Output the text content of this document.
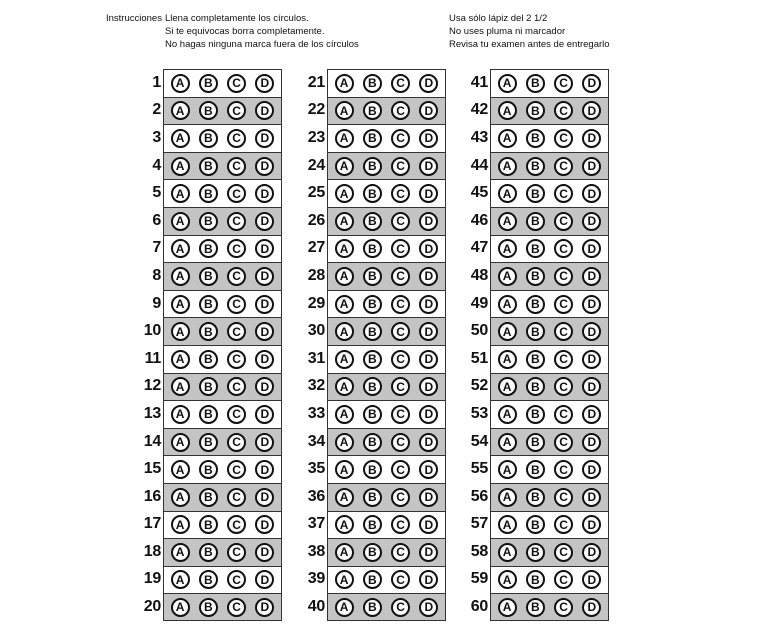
Instrucciones Llena completamente los círculos.
Si te equivocas borra completamente.
No hagas ninguna marca fuera de los círculos
Usa sólo lápiz del 2 1/2
No uses pluma ni marcador
Revisa tu examen antes de entregarlo
1	A	B	C	D
2	A	B	C	D
3	A	B	C	D
4	A	B	C	D
5	A	B	C	D
6	A	B	C	D
7	A	B	C	D
8	A	B	C	D
9	A	B	C	D
10	A	B	C	D
11	A	B	C	D
12	A	B	C	D
13	A	B	C	D
14	A	B	C	D
15	A	B	C	D
16	A	B	C	D
17	A	B	C	D
18	A	B	C	D
19	A	B	C	D
20	A	B	C	D
21	A	B	C	D
22	A	B	C	D
23	A	B	C	D
24	A	B	C	D
25	A	B	C	D
26	A	B	C	D
27	A	B	C	D
28	A	B	C	D
29	A	B	C	D
30	A	B	C	D
31	A	B	C	D
32	A	B	C	D
33	A	B	C	D
34	A	B	C	D
35	A	B	C	D
36	A	B	C	D
37	A	B	C	D
38	A	B	C	D
39	A	B	C	D
40	A	B	C	D
41	A	B	C	D
42	A	B	C	D
43	A	B	C	D
44	A	B	C	D
45	A	B	C	D
46	A	B	C	D
47	A	B	C	D
48	A	B	C	D
49	A	B	C	D
50	A	B	C	D
51	A	B	C	D
52	A	B	C	D
53	A	B	C	D
54	A	B	C	D
55	A	B	C	D
56	A	B	C	D
57	A	B	C	D
58	A	B	C	D
59	A	B	C	D
60	A	B	C	D
